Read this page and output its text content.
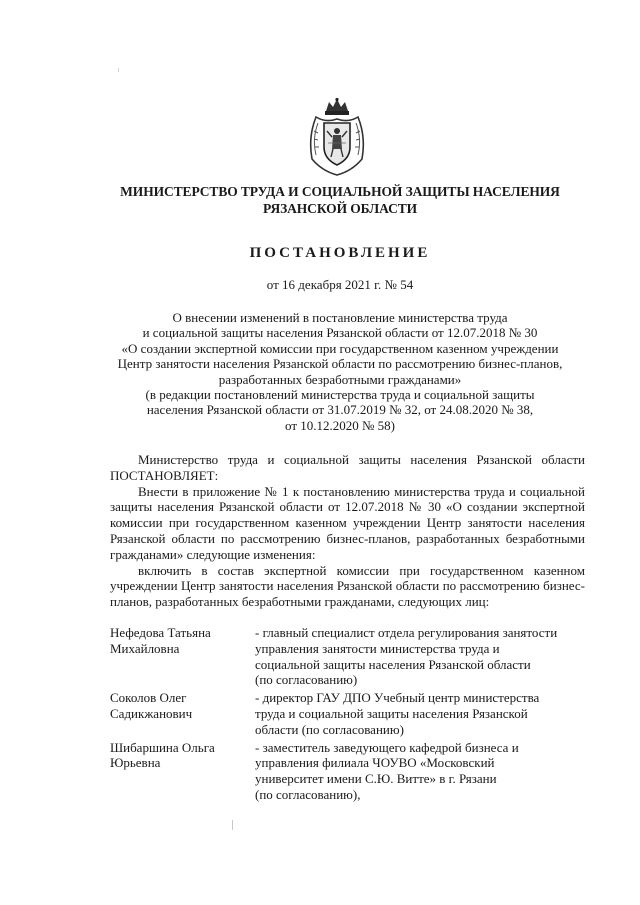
МИНИСТЕРСТВО ТРУДА И СОЦИАЛЬНОЙ ЗАЩИТЫ НАСЕЛЕНИЯ
РЯЗАНСКОЙ ОБЛАСТИ
ПОСТАНОВЛЕНИЕ
от 16 декабря 2021 г. № 54
О внесении изменений в постановление министерства труда
и социальной защиты населения Рязанской области от 12.07.2018 № 30
«О создании экспертной комиссии при государственном казенном учреждении
Центр занятости населения Рязанской области по рассмотрению бизнес-планов,
разработанных безработными гражданами»
(в редакции постановлений министерства труда и социальной защиты
населения Рязанской области от 31.07.2019 № 32, от 24.08.2020 № 38,
от 10.12.2020 № 58)

Министерство труда и социальной защиты населения Рязанской области ПОСТАНОВЛЯЕТ:

Внести в приложение № 1 к постановлению министерства труда и социальной защиты населения Рязанской области от 12.07.2018 № 30 «О создании экспертной комиссии при государственном казенном учреждении Центр занятости населения Рязанской области по рассмотрению бизнес-планов, разработанных безработными гражданами» следующие изменения:

включить в состав экспертной комиссии при государственном казенном учреждении Центр занятости населения Рязанской области по рассмотрению бизнес-планов, разработанных безработными гражданами, следующих лиц:

Нефедова Татьяна
Михайловна
- главный специалист отдела регулирования занятости
управления занятости министерства труда и
социальной защиты населения Рязанской области
(по согласованию)
Соколов Олег
Садикжанович
- директор ГАУ ДПО Учебный центр министерства
труда и социальной защиты населения Рязанской
области (по согласованию)
Шибаршина Ольга
Юрьевна
- заместитель заведующего кафедрой бизнеса и
управления филиала ЧОУВО «Московский
университет имени С.Ю. Витте» в г. Рязани
(по согласованию),
